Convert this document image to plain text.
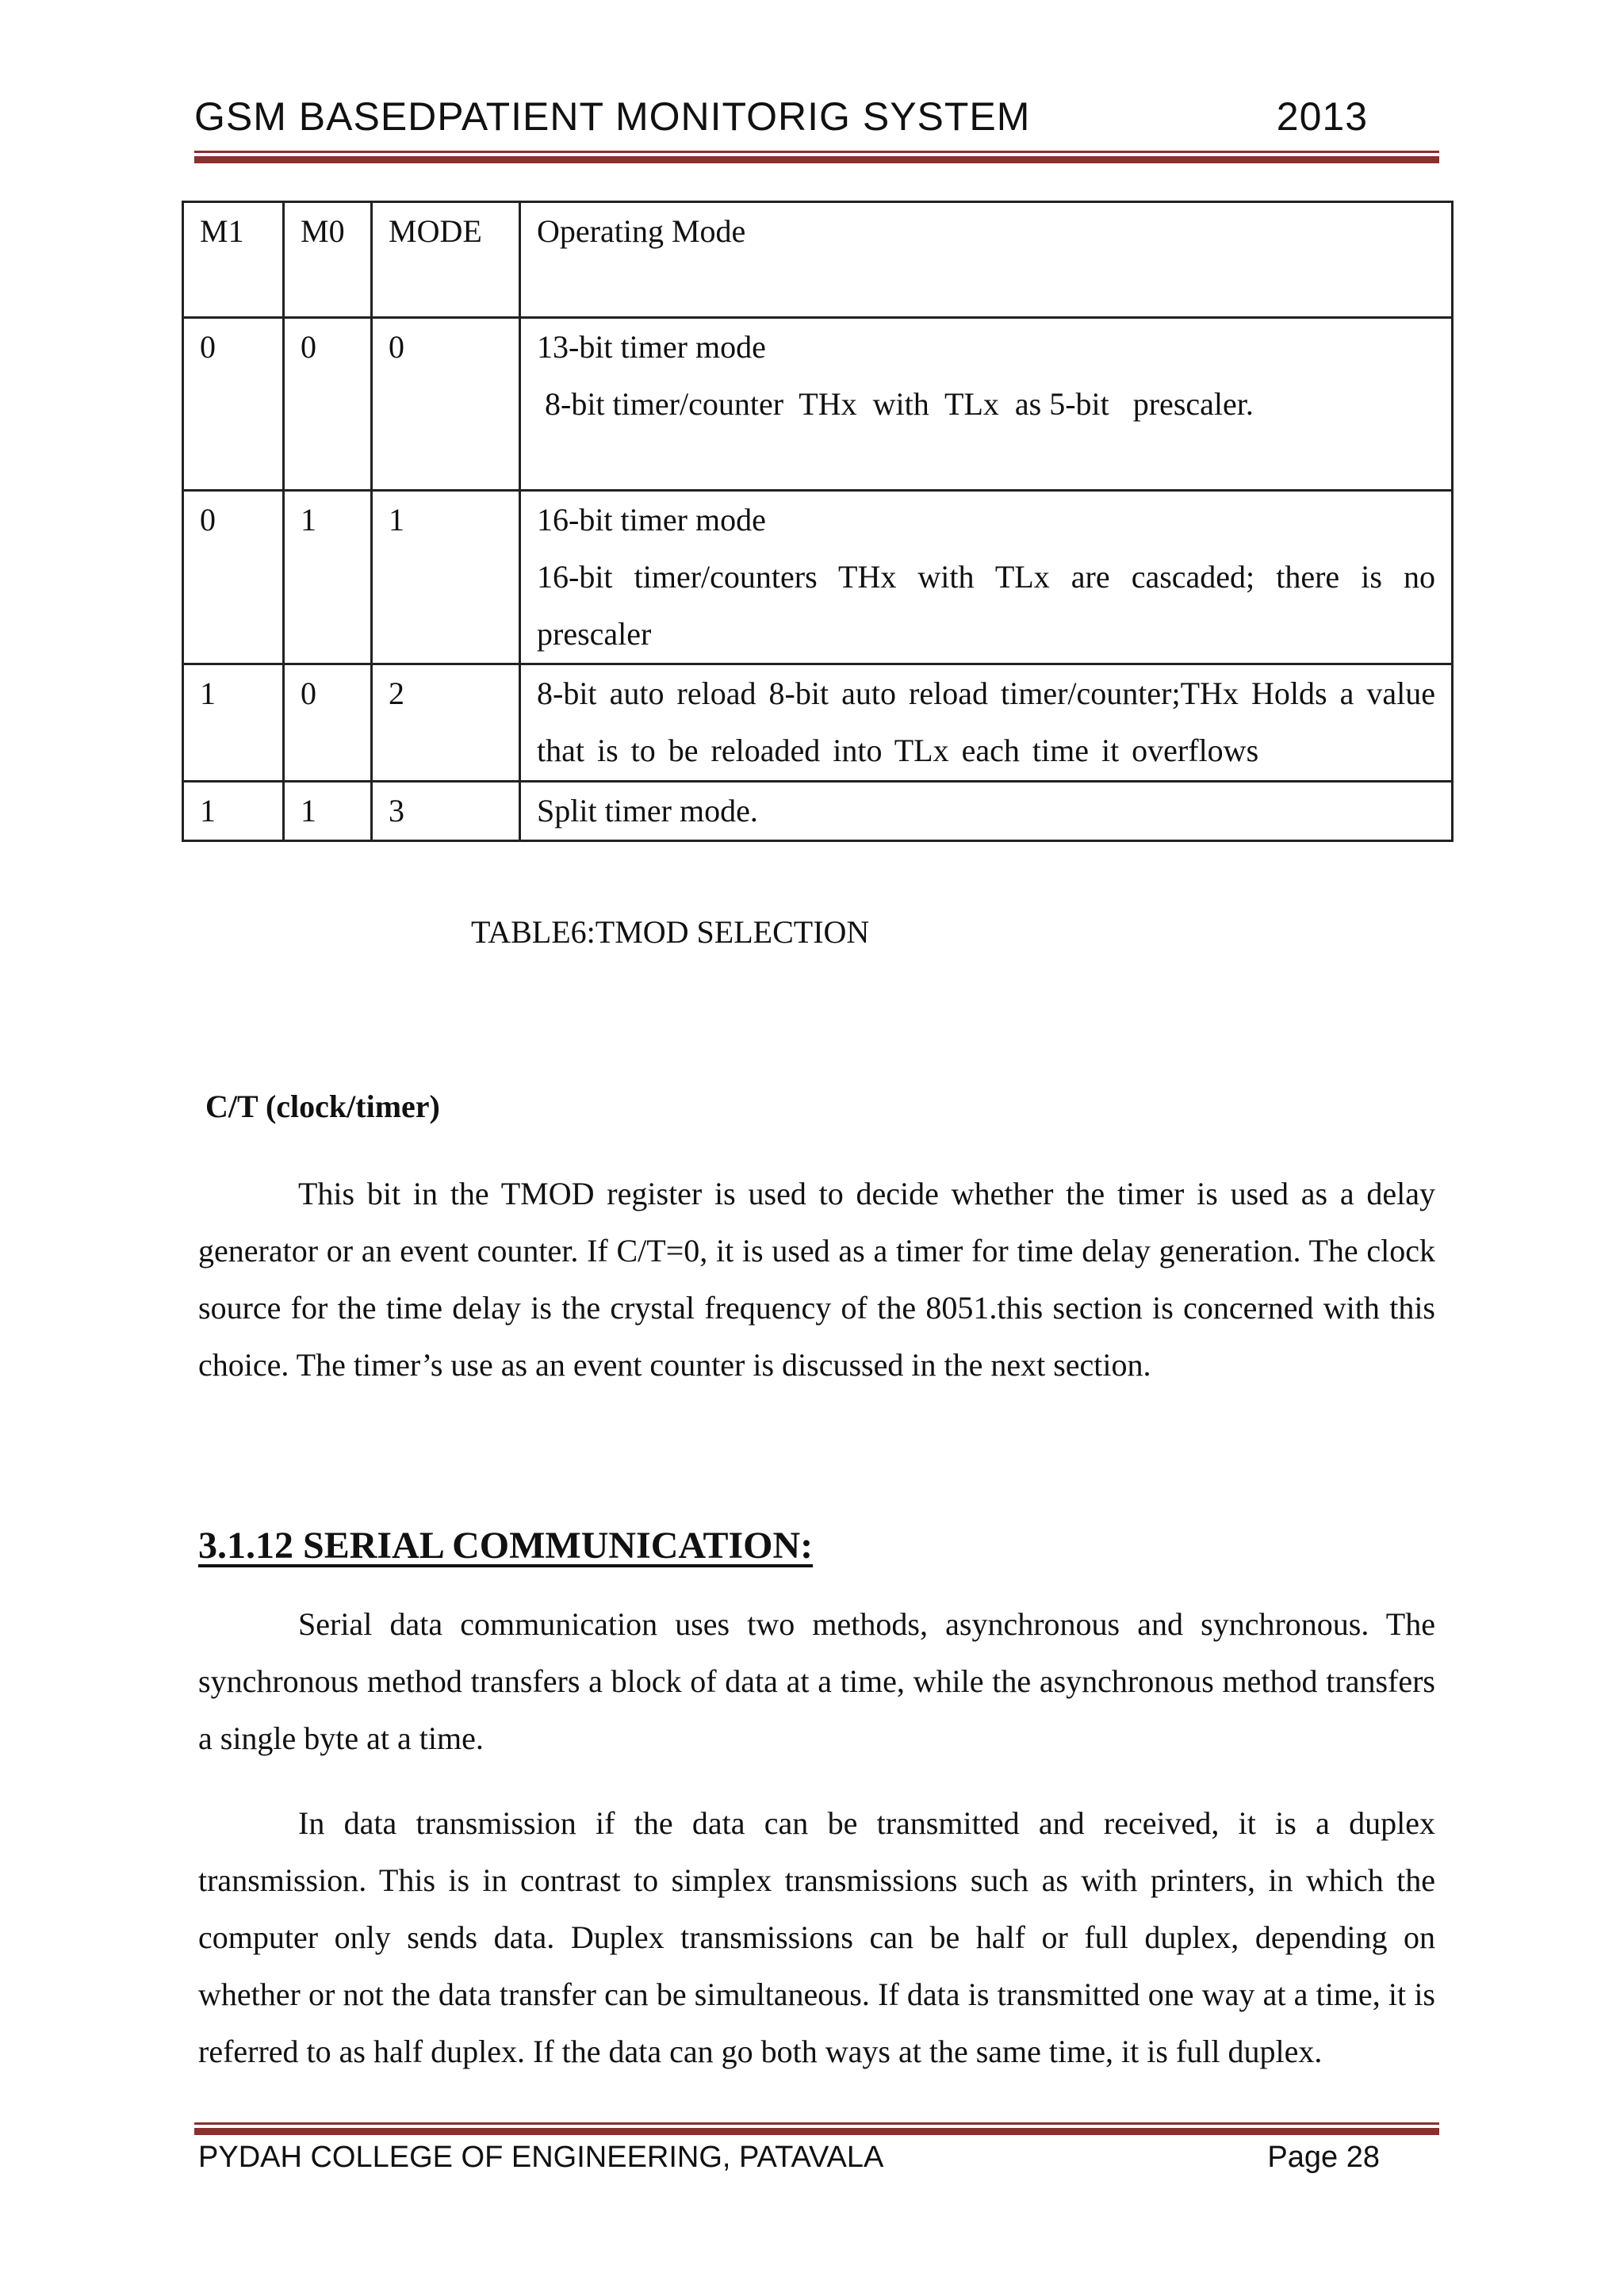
GSM BASEDPATIENT MONITORIG SYSTEM	2013
M1	M0	MODE	Operating Mode
0	0	0	13-bit timer mode
8-bit timer/counter  THx  with  TLx  as 5-bit   prescaler.

0	1	1	16-bit timer mode
16-bit timer/counters THx with TLx are cascaded; there is no prescaler

1	0	2	8-bit auto reload 8-bit auto reload timer/counter;THx Holds a value that is to be reloaded into TLx each time it overflows

1	1	3	Split timer mode.
TABLE6:TMOD SELECTION
C/T (clock/timer)

This bit in the TMOD register is used to decide whether the timer is used as a delay generator or an event counter. If C/T=0, it is used as a timer for time delay generation. The clock source for the time delay is the crystal frequency of the 8051.this section is concerned with this choice. The timer’s use as an event counter is discussed in the next section.

3.1.12 SERIAL COMMUNICATION:

Serial data communication uses two methods, asynchronous and synchronous. The synchronous method transfers a block of data at a time, while the asynchronous method transfers a single byte at a time.

In data transmission if the data can be transmitted and received, it is a duplex transmission. This is in contrast to simplex transmissions such as with printers, in which the computer only sends data. Duplex transmissions can be half or full duplex, depending on whether or not the data transfer can be simultaneous. If data is transmitted one way at a time, it is referred to as half duplex. If the data can go both ways at the same time, it is full duplex.

PYDAH COLLEGE OF ENGINEERING, PATAVALA	Page 28
